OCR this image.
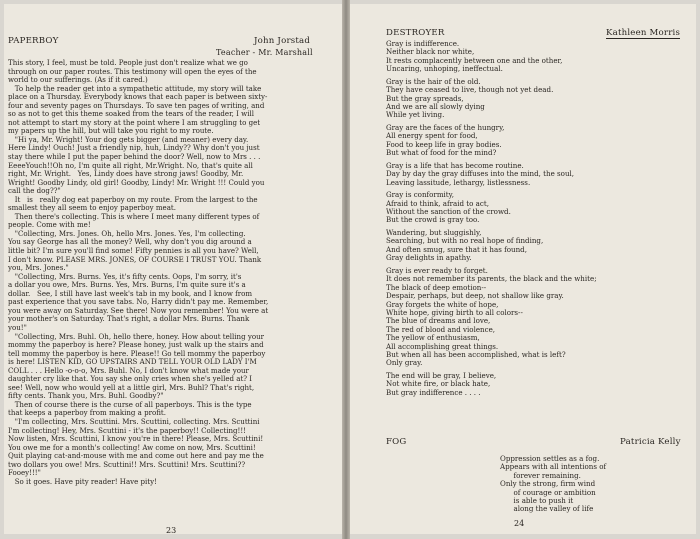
PAPERBOY	John Jorstad
Teacher - Mr. Marshall
This story, I feel, must be told. People just don't realize what we go
through on our paper routes. This testimony will open the eyes of the
world to our sufferings. (As if it cared.)
To help the reader get into a sympathetic attitude, my story will take
place on a Thursday. Everybody knows that each paper is between sixty-
four and seventy pages on Thursdays. To save ten pages of writing, and
so as not to get this theme soaked from the tears of the reader, I will
not attempt to start my story at the point where I am struggling to get
my papers up the hill, but will take you right to my route.
"Hi ya, Mr. Wright! Your dog gets bigger (and meaner) every day.
Here Lindy! Ouch! Just a friendly nip, huh, Lindy?? Why don't you just
stay there while I put the paper behind the door? Well, now to Mrs . . .
EeeeYouch!!Oh no, I'm quite all right, Mr.Wright. No, that's quite all
right, Mr. Wright.   Yes, Lindy does have strong jaws! Goodby, Mr.
Wright! Goodby Lindy, old girl! Goodby, Lindy! Mr. Wright !!! Could you
call the dog??"
It   is   really dog eat paperboy on my route. From the largest to the
smallest they all seem to enjoy paperboy meat.
Then there's collecting. This is where I meet many different types of
people. Come with me!
"Collecting, Mrs. Jones. Oh, hello Mrs. Jones. Yes, I'm collecting.
You say George has all the money? Well, why don't you dig around a
little bit? I'm sure you'll find some! Fifty pennies is all you have? Well,
I don't know. PLEASE MRS. JONES, OF COURSE I TRUST YOU. Thank
you, Mrs. Jones."
"Collecting, Mrs. Burns. Yes, it's fifty cents. Oops, I'm sorry, it's
a dollar you owe, Mrs. Burns. Yes, Mrs. Burns, I'm quite sure it's a
dollar.   See, I still have last week's tab in my book, and I know from
past experience that you save tabs. No, Harry didn't pay me. Remember,
you were away on Saturday. See there! Now you remember! You were at
your mother's on Saturday. That's right, a dollar Mrs. Burns. Thank
you!"
"Collecting, Mrs. Buhl. Oh, hello there, honey. How about telling your
mommy the paperboy is here? Please honey, just walk up the stairs and
tell mommy the paperboy is here. Please!! Go tell mommy the paperboy
is here! LISTEN KID, GO UPSTAIRS AND TELL YOUR OLD LADY I'M
COLL . . . Hello -o-o-o, Mrs. Buhl. No, I don't know what made your
daughter cry like that. You say she only cries when she's yelled at? I
see! Well, now who would yell at a little girl, Mrs. Buhl? That's right,
fifty cents. Thank you, Mrs. Buhl. Goodby?"
Then of course there is the curse of all paperboys. This is the type
that keeps a paperboy from making a profit.
"I'm collecting, Mrs. Scuttini. Mrs. Scuttini, collecting. Mrs. Scuttini
I'm collecting! Hey, Mrs. Scuttini - it's the paperboy!! Collecting!!!
Now listen, Mrs. Scuttini, I know you're in there! Please, Mrs. Scuttini!
You owe me for a month's collecting! Aw come on now, Mrs. Scuttini!
Quit playing cat-and-mouse with me and come out here and pay me the
two dollars you owe! Mrs. Scuttini!! Mrs. Scuttini! Mrs. Scuttini??
Fooey!!!"
So it goes. Have pity reader! Have pity!
23
DESTROYER	Kathleen Morris

Gray is indifference.
Neither black nor white,
It rests complacently between one and the other,
Uncaring, unhoping, ineffectual.

Gray is the hair of the old.
They have ceased to live, though not yet dead.
But the gray spreads,
And we are all slowly dying
While yet living.

Gray are the faces of the hungry,
All energy spent for food,
Food to keep life in gray bodies.
But what of food for the mind?

Gray is a life that has become routine.
Day by day the gray diffuses into the mind, the soul,
Leaving lassitude, lethargy, listlessness.

Gray is conformity,
Afraid to think, afraid to act,
Without the sanction of the crowd.
But the crowd is gray too.

Wandering, but sluggishly,
Searching, but with no real hope of finding,
And often smug, sure that it has found,
Gray delights in apathy.

Gray is ever ready to forget.
It does not remember its parents, the black and the white;
The black of deep emotion--
Despair, perhaps, but deep, not shallow like gray.
Gray forgets the white of hope,
White hope, giving birth to all colors--
The blue of dreams and love,
The red of blood and violence,
The yellow of enthusiasm,
All accomplishing great things.
But when all has been accomplished, what is left?
Only gray.

The end will be gray, I believe,
Not white fire, or black hate,
But gray indifference . . . .

FOG	Patricia Kelly
Oppression settles as a fog.
Appears with all intentions of
forever remaining.
Only the strong, firm wind
of courage or ambition
is able to push it
along the valley of life
24
